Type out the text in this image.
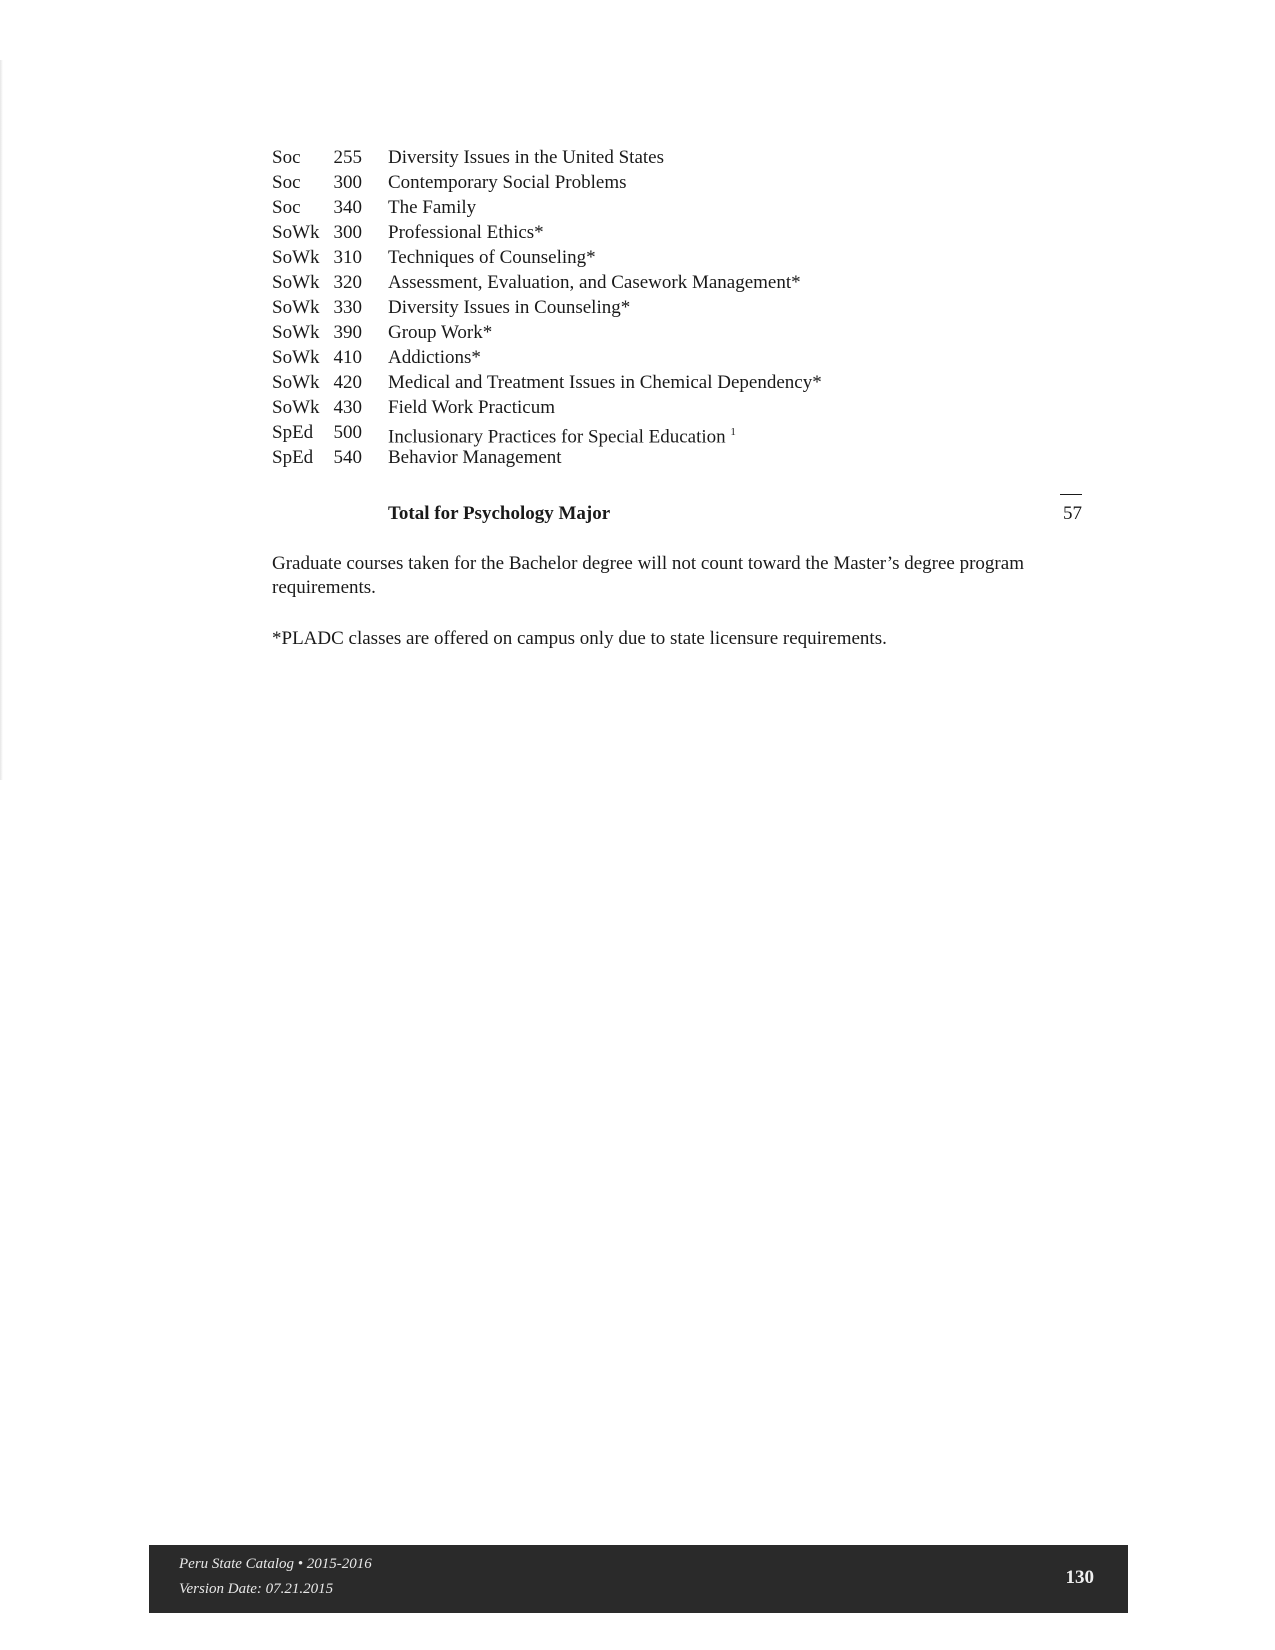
Soc 255 Diversity Issues in the United States
Soc 300 Contemporary Social Problems
Soc 340 The Family
SoWk 300 Professional Ethics*
SoWk 310 Techniques of Counseling*
SoWk 320 Assessment, Evaluation, and Casework Management*
SoWk 330 Diversity Issues in Counseling*
SoWk 390 Group Work*
SoWk 410 Addictions*
SoWk 420 Medical and Treatment Issues in Chemical Dependency*
SoWk 430 Field Work Practicum
SpEd 500 Inclusionary Practices for Special Education $^1$
SpEd 540 Behavior Management
Total for Psychology Major	57

Graduate courses taken for the Bachelor degree will not count toward the Master’s degree program requirements.

*PLADC classes are offered on campus only due to state licensure requirements.

Peru State Catalog • 2015-2016
Version Date: 07.21.2015
130
